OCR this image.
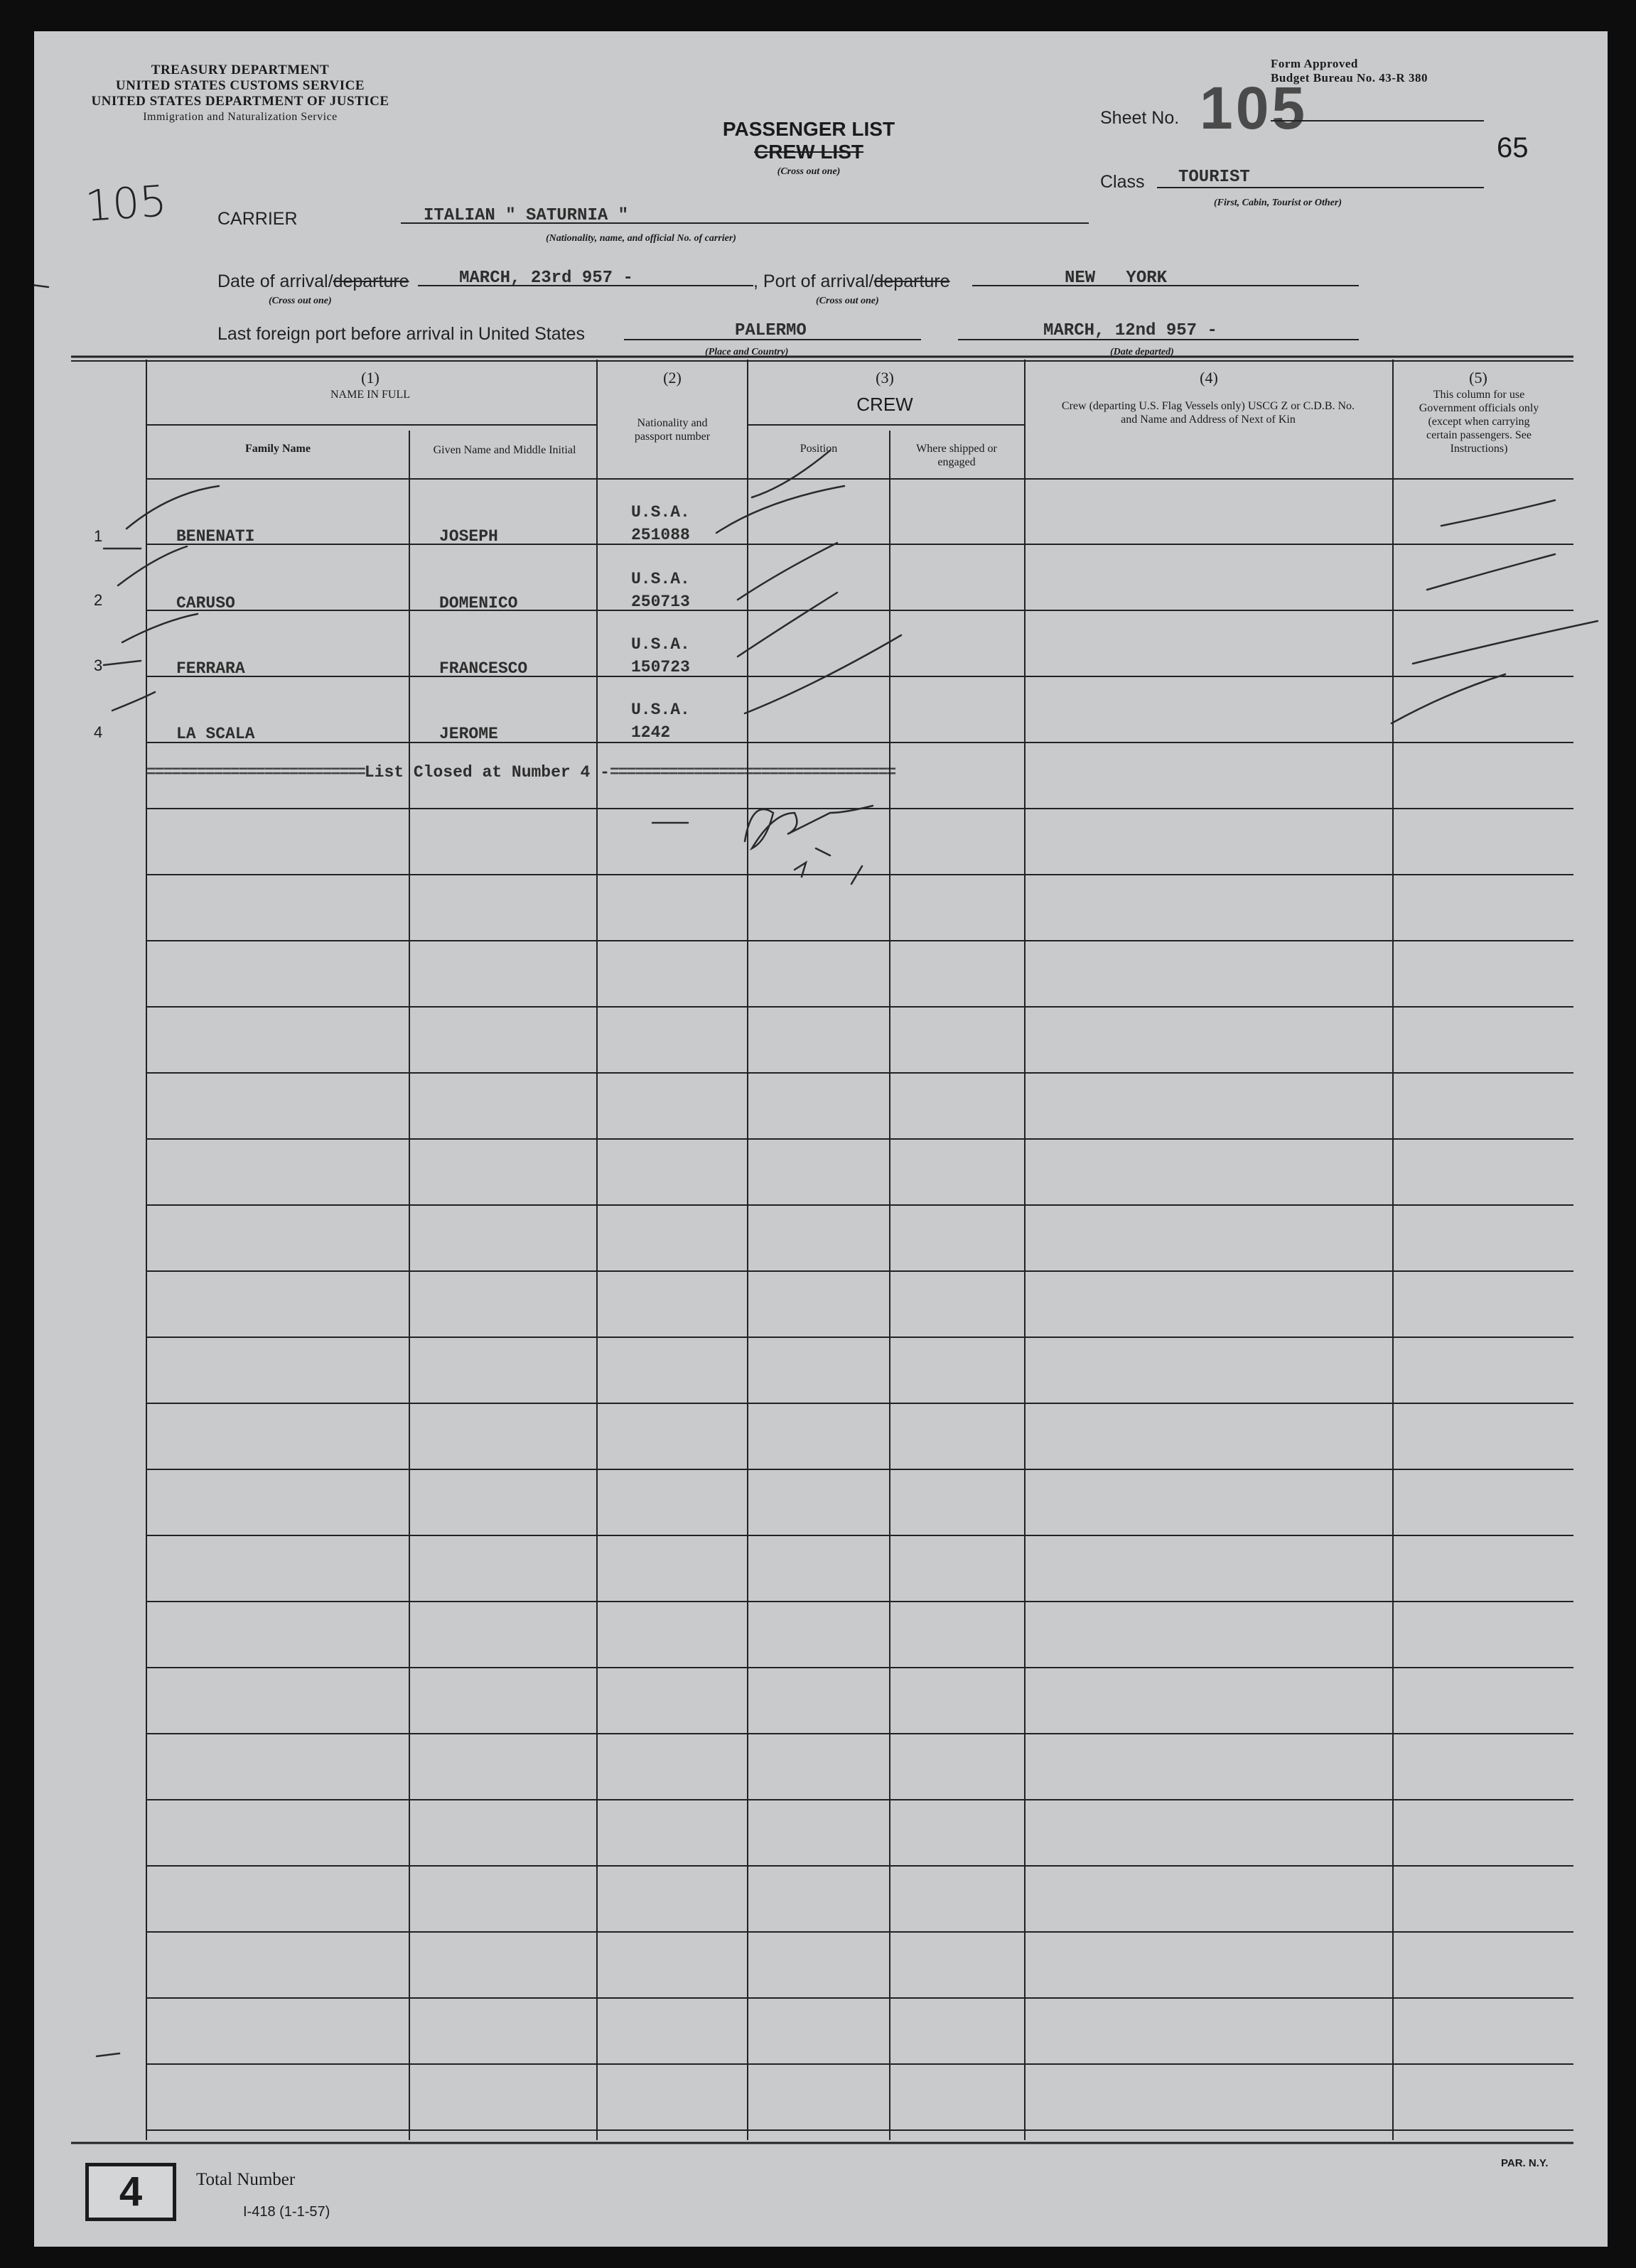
TREASURY DEPARTMENT
UNITED STATES CUSTOMS SERVICE
UNITED STATES DEPARTMENT OF JUSTICE
Immigration and Naturalization Service
Form Approved
Budget Bureau No. 43-R 380
PASSENGER LIST
CREW LIST
(Cross out one)
Sheet No. 105
65
105	Class TOURIST
(First, Cabin, Tourist or Other)
CARRIER	ITALIAN " SATURNIA "
(Nationality, name, and official No. of carrier)
Date of arrival/departure	MARCH, 23rd 957 -
(Cross out one)
, Port of arrival/departure	NEW   YORK
(Cross out one)
Last foreign port before arrival in United States	PALERMO
(Place and Country)
MARCH, 12nd 957 -
(Date departed)
(1)
NAME IN FULL
Family Name	Given Name and Middle Initial
(2)
Nationality and passport number
(3)
CREW
Position	Where shipped or engaged
(4)
Crew (departing U.S. Flag Vessels only) USCG Z or C.D.B. No. and Name and Address of Next of Kin
(5)
This column for use Government officials only (except when carrying certain passengers. See Instructions)
1	BENENATI	JOSEPH
U.S.A.
251088
2	CARUSO	DOMENICO
U.S.A.
250713
3	FERRARA	FRANCESCO
U.S.A.
150723
4	LA SCALA	JEROME
U.S.A.
1242
==========================List Closed at Number 4 -==================================
4	Total Number
I-418 (1-1-57)
PAR. N.Y.
